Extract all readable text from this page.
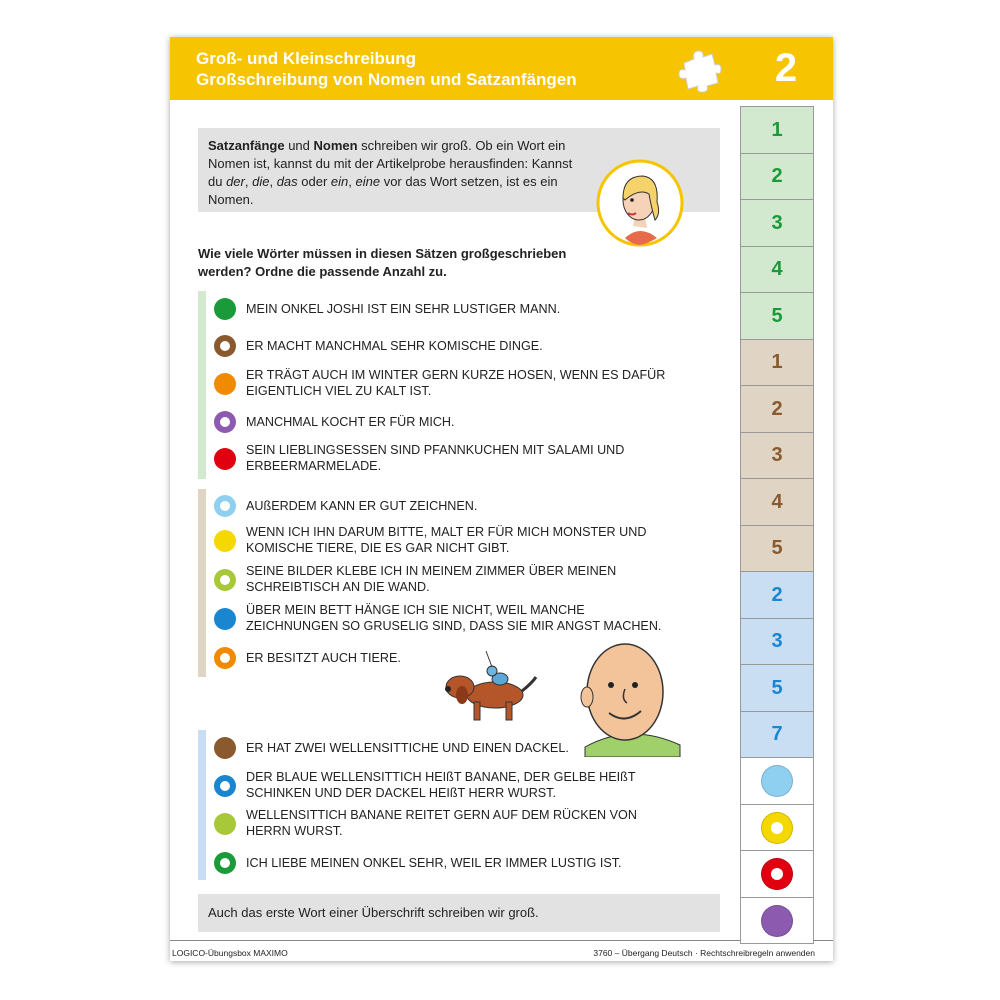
Groß- und Kleinschreibung
Großschreibung von Nomen und Satzanfängen	2

Satzanfänge und Nomen schreiben wir groß. Ob ein Wort ein Nomen ist, kannst du mit der Artikelprobe herausfinden: Kannst du der, die, das oder ein, eine vor das Wort setzen, ist es ein Nomen.

Wie viele Wörter müssen in diesen Sätzen großgeschrieben werden? Ordne die passende Anzahl zu.
MEIN ONKEL JOSHI IST EIN SEHR LUSTIGER MANN.
ER MACHT MANCHMAL SEHR KOMISCHE DINGE.
ER TRÄGT AUCH IM WINTER GERN KURZE HOSEN, WENN ES DAFÜR EIGENTLICH VIEL ZU KALT IST.
MANCHMAL KOCHT ER FÜR MICH.
SEIN LIEBLINGSESSEN SIND PFANNKUCHEN MIT SALAMI UND ERBEERMARMELADE.
AUßERDEM KANN ER GUT ZEICHNEN.
WENN ICH IHN DARUM BITTE, MALT ER FÜR MICH MONSTER UND KOMISCHE TIERE, DIE ES GAR NICHT GIBT.
SEINE BILDER KLEBE ICH IN MEINEM ZIMMER ÜBER MEINEN SCHREIBTISCH AN DIE WAND.
ÜBER MEIN BETT HÄNGE ICH SIE NICHT, WEIL MANCHE ZEICHNUNGEN SO GRUSELIG SIND, DASS SIE MIR ANGST MACHEN.
ER BESITZT AUCH TIERE.
ER HAT ZWEI WELLENSITTICHE UND EINEN DACKEL.
DER BLAUE WELLENSITTICH HEIßT BANANE, DER GELBE HEIßT SCHINKEN UND DER DACKEL HEIßT HERR WURST.
WELLENSITTICH BANANE REITET GERN AUF DEM RÜCKEN VON HERRN WURST.
ICH LIEBE MEINEN ONKEL SEHR, WEIL ER IMMER LUSTIG IST.
Auch das erste Wort einer Überschrift schreiben wir groß.
LOGICO-Übungsbox MAXIMO	3760 – Übergang Deutsch · Rechtschreibregeln anwenden
1
2
3
4
5
1
2
3
4
5
2
3
5
7
